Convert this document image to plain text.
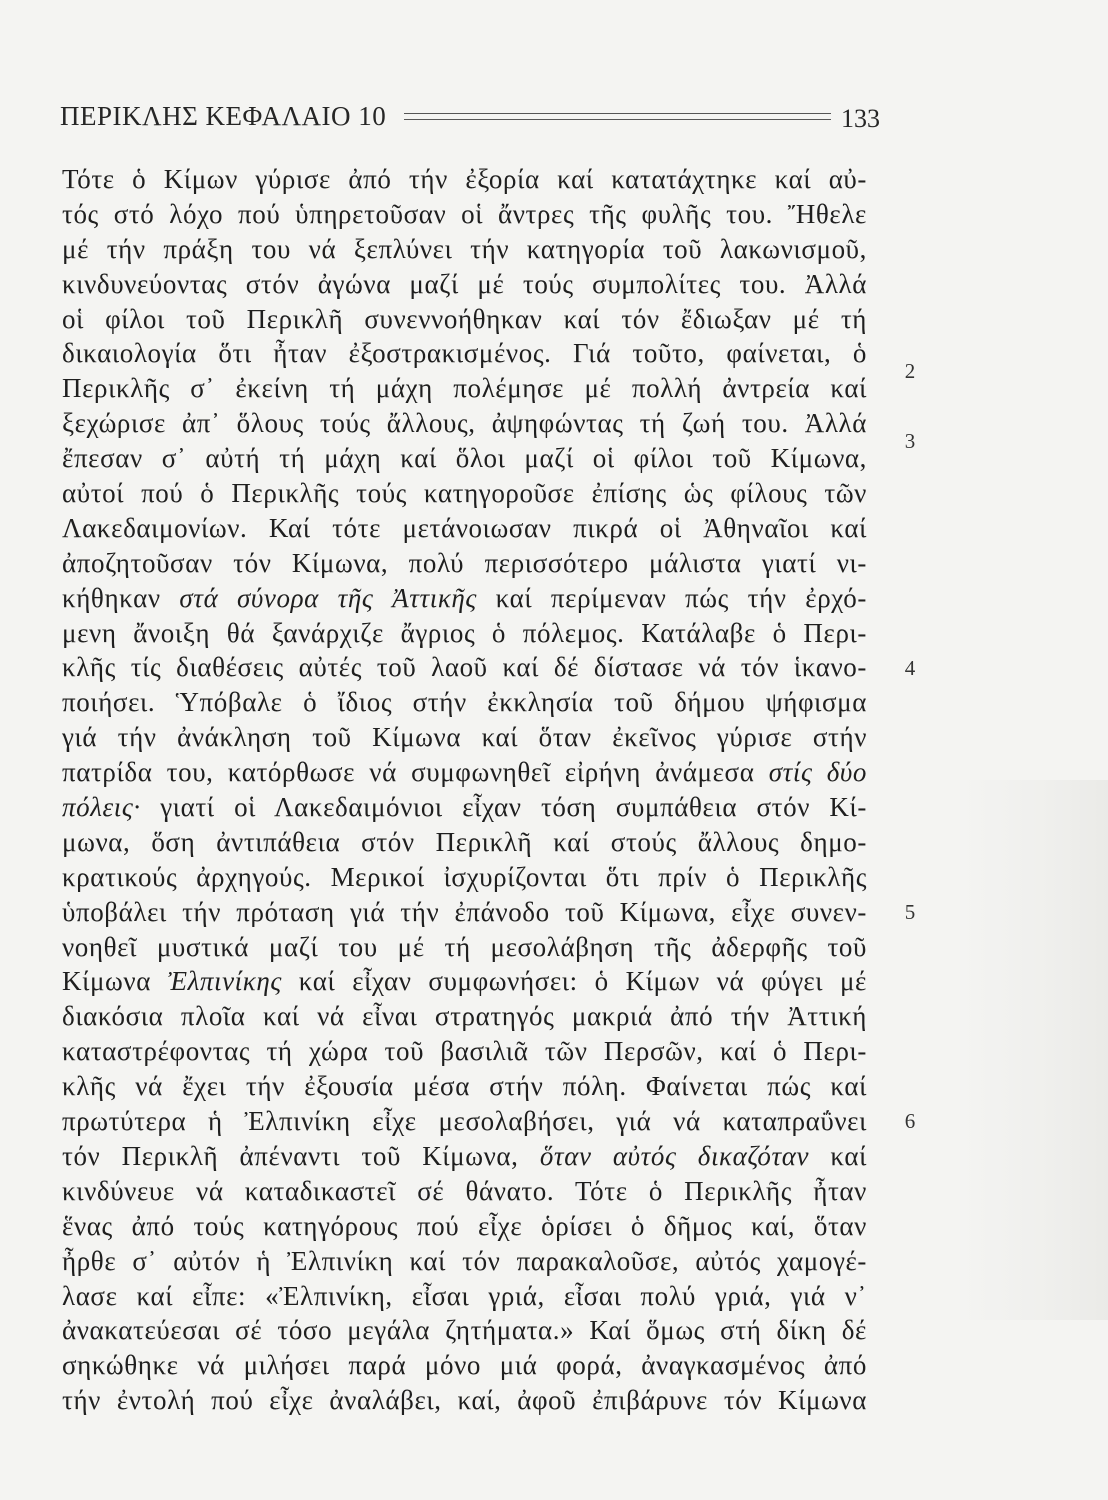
ΠΕΡΙΚΛΗΣ ΚΕΦΑΛΑΙΟ 10	133
Τότε ὁ Κίμων γύρισε ἀπό τήν ἐξορία καί κατατάχτηκε καί αὐ-
τός στό λόχο πού ὑπηρετοῦσαν οἱ ἄντρες τῆς φυλῆς του. Ἤθελε
μέ τήν πράξη του νά ξεπλύνει τήν κατηγορία τοῦ λακωνισμοῦ,
κινδυνεύοντας στόν ἀγώνα μαζί μέ τούς συμπολίτες του. Ἀλλά
οἱ φίλοι τοῦ Περικλῆ συνεννοήθηκαν καί τόν ἔδιωξαν μέ τή
δικαιολογία ὅτι ἦταν ἐξοστρακισμένος. Γιά τοῦτο, φαίνεται, ὁ
Περικλῆς σ᾿ ἐκείνη τή μάχη πολέμησε μέ πολλή ἀντρεία καί
ξεχώρισε ἀπ᾿ ὅλους τούς ἄλλους, ἀψηφώντας τή ζωή του. Ἀλλά
ἔπεσαν σ᾿ αὐτή τή μάχη καί ὅλοι μαζί οἱ φίλοι τοῦ Κίμωνα,
αὐτοί πού ὁ Περικλῆς τούς κατηγοροῦσε ἐπίσης ὡς φίλους τῶν
Λακεδαιμονίων. Καί τότε μετάνοιωσαν πικρά οἱ Ἀθηναῖοι καί
ἀποζητοῦσαν τόν Κίμωνα, πολύ περισσότερο μάλιστα γιατί νι-
κήθηκαν στά σύνορα τῆς Ἀττικῆς καί περίμεναν πώς τήν ἐρχό-
μενη ἄνοιξη θά ξανάρχιζε ἄγριος ὁ πόλεμος. Κατάλαβε ὁ Περι-
κλῆς τίς διαθέσεις αὐτές τοῦ λαοῦ καί δέ δίστασε νά τόν ἱκανο-
ποιήσει. Ὑπόβαλε ὁ ἴδιος στήν ἐκκλησία τοῦ δήμου ψήφισμα
γιά τήν ἀνάκληση τοῦ Κίμωνα καί ὅταν ἐκεῖνος γύρισε στήν
πατρίδα του, κατόρθωσε νά συμφωνηθεῖ εἰρήνη ἀνάμεσα στίς δύο
πόλεις· γιατί οἱ Λακεδαιμόνιοι εἶχαν τόση συμπάθεια στόν Κί-
μωνα, ὅση ἀντιπάθεια στόν Περικλῆ καί στούς ἄλλους δημο-
κρατικούς ἀρχηγούς. Μερικοί ἰσχυρίζονται ὅτι πρίν ὁ Περικλῆς
ὑποβάλει τήν πρόταση γιά τήν ἐπάνοδο τοῦ Κίμωνα, εἶχε συνεν-
νοηθεῖ μυστικά μαζί του μέ τή μεσολάβηση τῆς ἀδερφῆς τοῦ
Κίμωνα Ἐλπινίκης καί εἶχαν συμφωνήσει: ὁ Κίμων νά φύγει μέ
διακόσια πλοῖα καί νά εἶναι στρατηγός μακριά ἀπό τήν Ἀττική
καταστρέφοντας τή χώρα τοῦ βασιλιᾶ τῶν Περσῶν, καί ὁ Περι-
κλῆς νά ἔχει τήν ἐξουσία μέσα στήν πόλη. Φαίνεται πώς καί
πρωτύτερα ἡ Ἐλπινίκη εἶχε μεσολαβήσει, γιά νά καταπραΰνει
τόν Περικλῆ ἀπέναντι τοῦ Κίμωνα, ὅταν αὐτός δικαζόταν καί
κινδύνευε νά καταδικαστεῖ σέ θάνατο. Τότε ὁ Περικλῆς ἦταν
ἕνας ἀπό τούς κατηγόρους πού εἶχε ὁρίσει ὁ δῆμος καί, ὅταν
ἦρθε σ᾿ αὐτόν ἡ Ἐλπινίκη καί τόν παρακαλοῦσε, αὐτός χαμογέ-
λασε καί εἶπε: «Ἐλπινίκη, εἶσαι γριά, εἶσαι πολύ γριά, γιά ν᾿
ἀνακατεύεσαι σέ τόσο μεγάλα ζητήματα.» Καί ὅμως στή δίκη δέ
σηκώθηκε νά μιλήσει παρά μόνο μιά φορά, ἀναγκασμένος ἀπό
τήν ἐντολή πού εἶχε ἀναλάβει, καί, ἀφοῦ ἐπιβάρυνε τόν Κίμωνα
2
3
4
5
6
